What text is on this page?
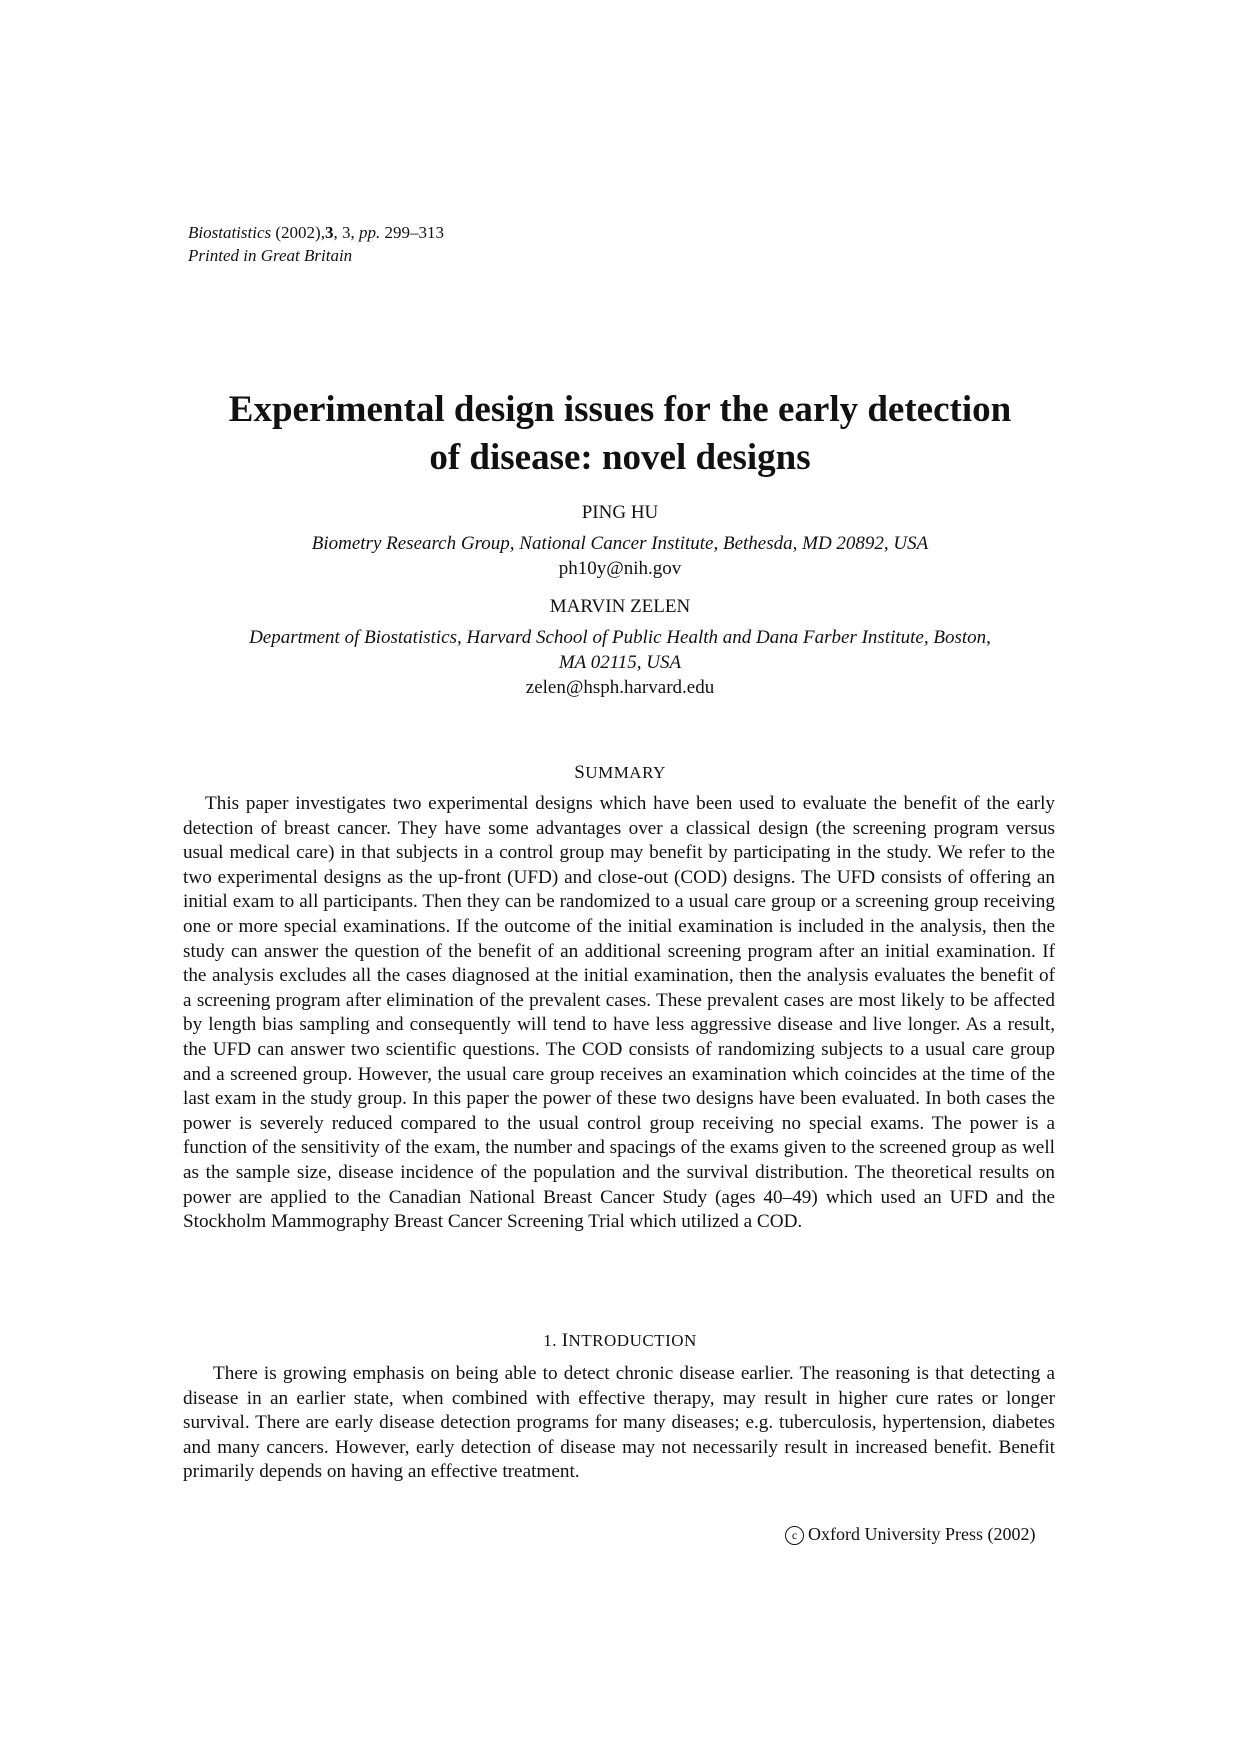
Biostatistics (2002),3, 3, pp. 299–313
Printed in Great Britain
Experimental design issues for the early detection
of disease: novel designs

PING HU

Biometry Research Group, National Cancer Institute, Bethesda, MD 20892, USA

ph10y@nih.gov

MARVIN ZELEN

Department of Biostatistics, Harvard School of Public Health and Dana Farber Institute, Boston,

MA 02115, USA

zelen@hsph.harvard.edu

SUMMARY

This paper investigates two experimental designs which have been used to evaluate the benefit of the early detection of breast cancer. They have some advantages over a classical design (the screening program versus usual medical care) in that subjects in a control group may benefit by participating in the study. We refer to the two experimental designs as the up-front (UFD) and close-out (COD) designs. The UFD consists of offering an initial exam to all participants. Then they can be randomized to a usual care group or a screening group receiving one or more special examinations. If the outcome of the initial examination is included in the analysis, then the study can answer the question of the benefit of an additional screening program after an initial examination. If the analysis excludes all the cases diagnosed at the initial examination, then the analysis evaluates the benefit of a screening program after elimination of the prevalent cases. These prevalent cases are most likely to be affected by length bias sampling and consequently will tend to have less aggressive disease and live longer. As a result, the UFD can answer two scientific questions. The COD consists of randomizing subjects to a usual care group and a screened group. However, the usual care group receives an examination which coincides at the time of the last exam in the study group. In this paper the power of these two designs have been evaluated. In both cases the power is severely reduced compared to the usual control group receiving no special exams. The power is a function of the sensitivity of the exam, the number and spacings of the exams given to the screened group as well as the sample size, disease incidence of the population and the survival distribution. The theoretical results on power are applied to the Canadian National Breast Cancer Study (ages 40–49) which used an UFD and the Stockholm Mammography Breast Cancer Screening Trial which utilized a COD.

1. INTRODUCTION

There is growing emphasis on being able to detect chronic disease earlier. The reasoning is that detecting a disease in an earlier state, when combined with effective therapy, may result in higher cure rates or longer survival. There are early disease detection programs for many diseases; e.g. tuberculosis, hypertension, diabetes and many cancers. However, early detection of disease may not necessarily result in increased benefit. Benefit primarily depends on having an effective treatment.

c Oxford University Press (2002)
